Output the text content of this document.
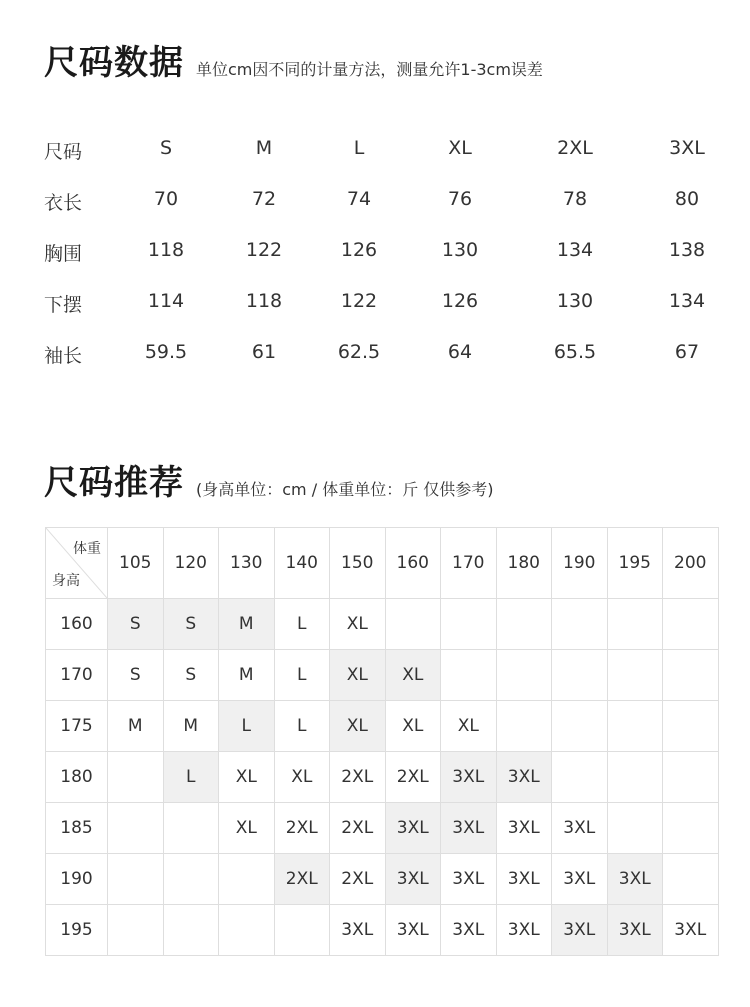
尺码数据 单位cm因不同的计量方法，测量允许1-3cm误差
尺码	S	M	L	XL	2XL	3XL
衣长	70	72	74	76	78	80
胸围	118	122	126	130	134	138
下摆	114	118	122	126	130	134
袖长	59.5	61	62.5	64	65.5	67
尺码推荐 (身高单位：cm / 体重单位：斤 仅供参考)
体重
身高	105	120	130	140	150	160	170	180	190	195	200
160	S	S	M	L	XL						
170	S	S	M	L	XL	XL					
175	M	M	L	L	XL	XL	XL				
180		L	XL	XL	2XL	2XL	3XL	3XL			
185			XL	2XL	2XL	3XL	3XL	3XL	3XL		
190				2XL	2XL	3XL	3XL	3XL	3XL	3XL	
195					3XL	3XL	3XL	3XL	3XL	3XL	3XL
